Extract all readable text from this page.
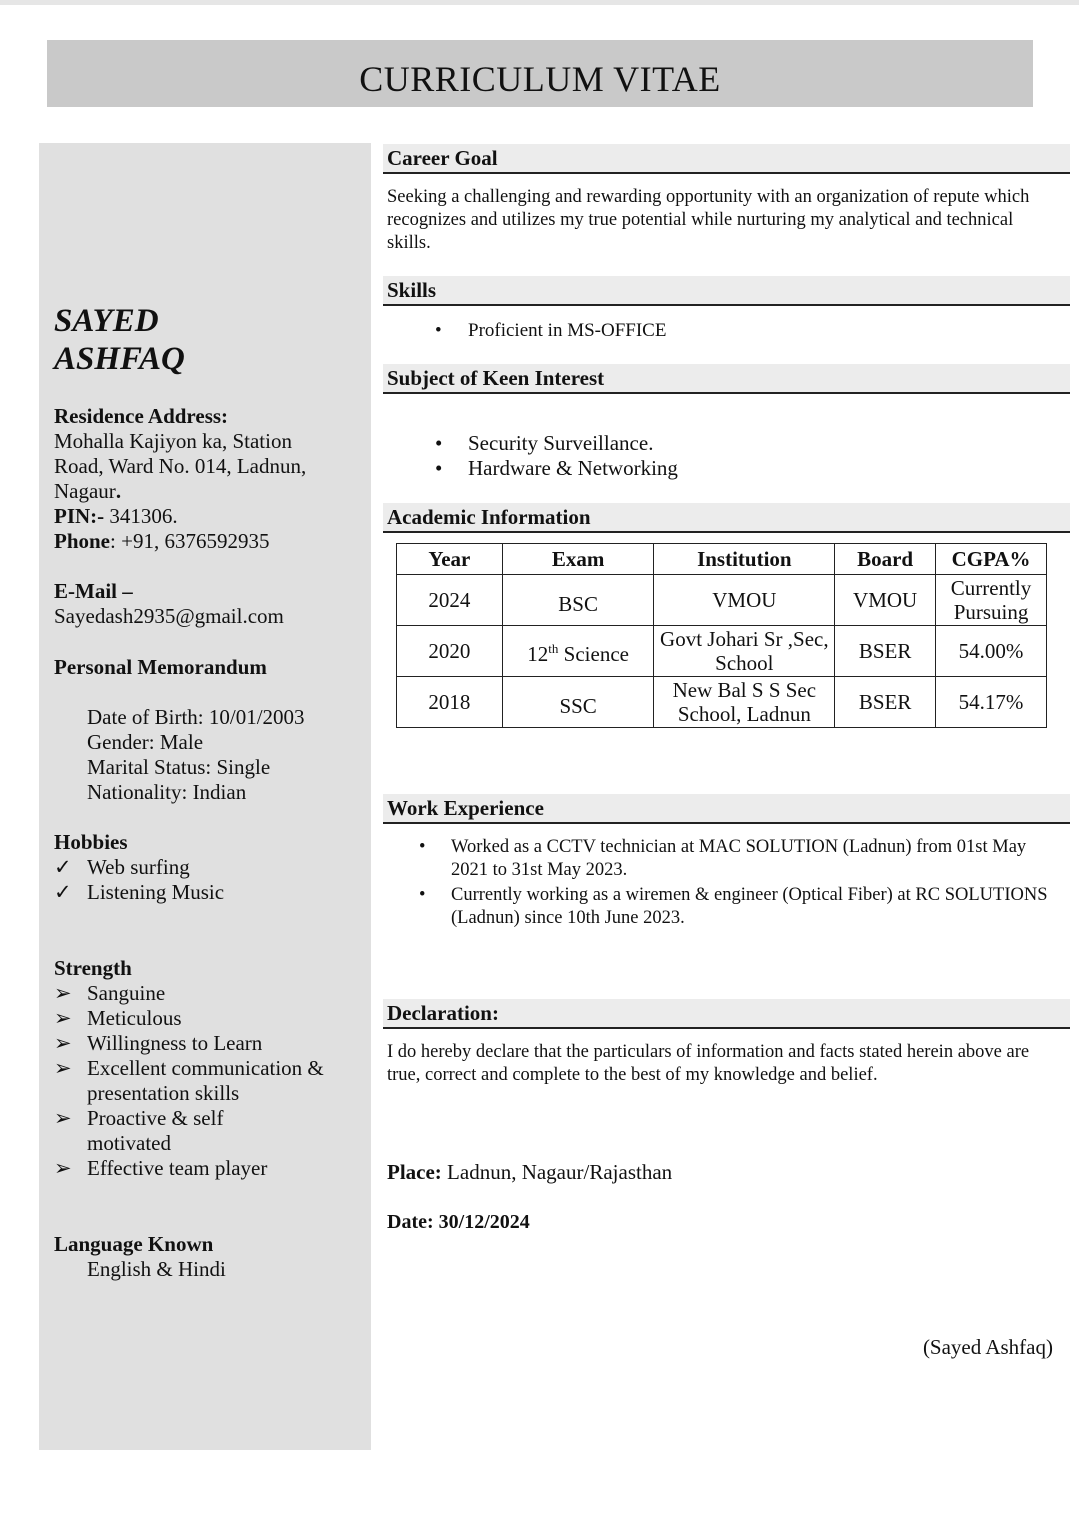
CURRICULUM VITAE
SAYED
ASHFAQ
Residence Address:
Mohalla Kajiyon ka, Station
Road, Ward No. 014, Ladnun,
Nagaur.
PIN:- 341306.
Phone: +91, 6376592935
E-Mail –
Sayedash2935@gmail.com
Personal Memorandum
Date of Birth: 10/01/2003
Gender: Male
Marital Status: Single
Nationality: Indian
Hobbies
✓ Web surfing
✓ Listening Music
Strength
➢ Sanguine
➢ Meticulous
➢ Willingness to Learn
➢ Excellent communication & presentation skills
➢ Proactive & self motivated
➢ Effective team player
Language Known
English & Hindi
Career Goal
Seeking a challenging and rewarding opportunity with an organization of repute which recognizes and utilizes my true potential while nurturing my analytical and technical skills.
Skills
• Proficient in MS-OFFICE
Subject of Keen Interest
• Security Surveillance.
• Hardware & Networking
Academic Information
Year	Exam	Institution	Board	CGPA%
2024	BSC	VMOU	VMOU	Currently Pursuing
2020	12th Science	Govt Johari Sr ,Sec, School	BSER	54.00%
2018	SSC	New Bal S S Sec School, Ladnun	BSER	54.17%
Work Experience
• Worked as a CCTV technician at MAC SOLUTION (Ladnun) from 01st May 2021 to 31st May 2023.
• Currently working as a wiremen & engineer (Optical Fiber) at RC SOLUTIONS (Ladnun) since 10th June 2023.
Declaration:
I do hereby declare that the particulars of information and facts stated herein above are true, correct and complete to the best of my knowledge and belief.
Place: Ladnun, Nagaur/Rajasthan
Date: 30/12/2024
(Sayed Ashfaq)
